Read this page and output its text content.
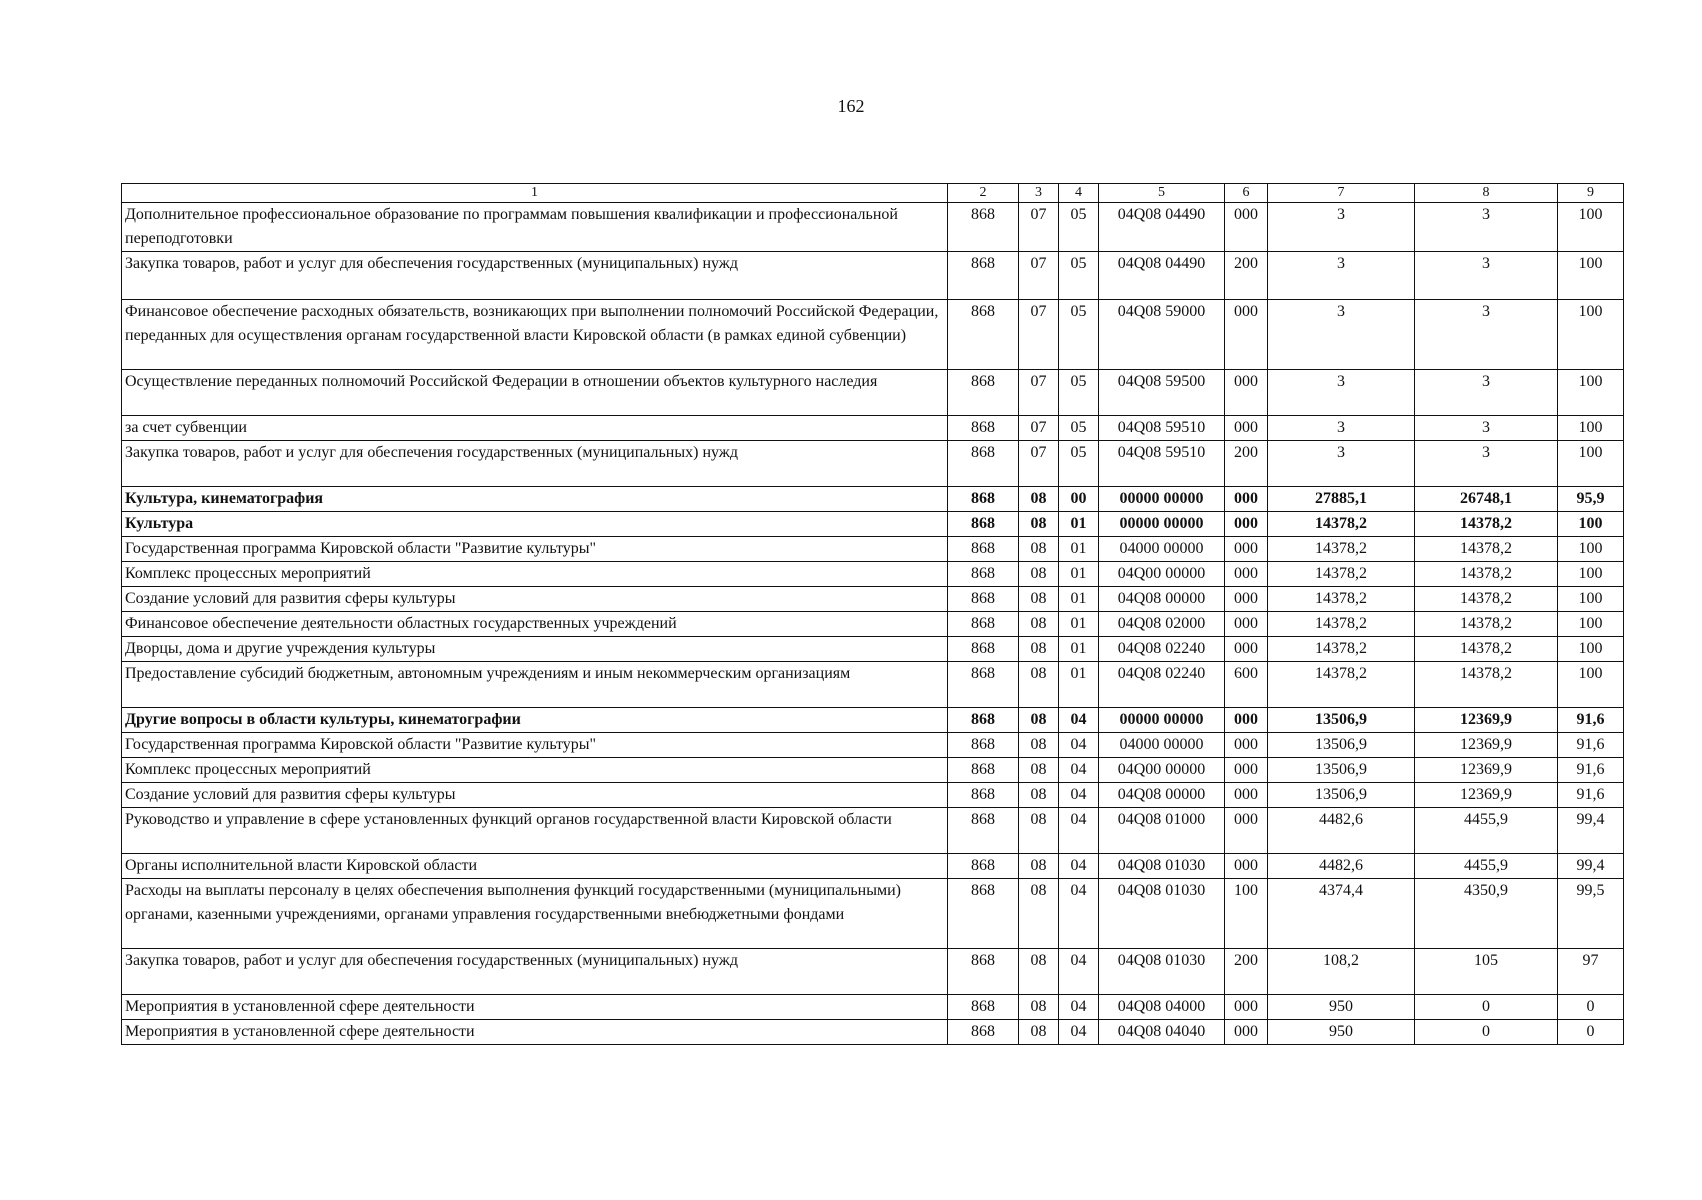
162
1	2	3	4	5	6	7	8	9
Дополнительное профессиональное образование по программам повышения квалификации и профессиональной переподготовки	868	07	05	04Q08 04490	000	3	3	100
Закупка товаров, работ и услуг для обеспечения государственных (муниципальных) нужд	868	07	05	04Q08 04490	200	3	3	100
Финансовое обеспечение расходных обязательств, возникающих при выполнении полномочий Российской Федерации, переданных для осуществления органам государственной власти Кировской области (в рамках единой субвенции)	868	07	05	04Q08 59000	000	3	3	100
Осуществление переданных полномочий Российской Федерации в отношении объектов культурного наследия	868	07	05	04Q08 59500	000	3	3	100
за счет субвенции	868	07	05	04Q08 59510	000	3	3	100
Закупка товаров, работ и услуг для обеспечения государственных (муниципальных) нужд	868	07	05	04Q08 59510	200	3	3	100
Культура, кинематография	868	08	00	00000 00000	000	27885,1	26748,1	95,9
Культура	868	08	01	00000 00000	000	14378,2	14378,2	100
Государственная программа Кировской области "Развитие культуры"	868	08	01	04000 00000	000	14378,2	14378,2	100
Комплекс процессных мероприятий	868	08	01	04Q00 00000	000	14378,2	14378,2	100
Создание условий для развития сферы культуры	868	08	01	04Q08 00000	000	14378,2	14378,2	100
Финансовое обеспечение деятельности областных государственных учреждений	868	08	01	04Q08 02000	000	14378,2	14378,2	100
Дворцы, дома и другие учреждения культуры	868	08	01	04Q08 02240	000	14378,2	14378,2	100
Предоставление субсидий бюджетным, автономным учреждениям и иным некоммерческим организациям	868	08	01	04Q08 02240	600	14378,2	14378,2	100
Другие вопросы в области культуры, кинематографии	868	08	04	00000 00000	000	13506,9	12369,9	91,6
Государственная программа Кировской области "Развитие культуры"	868	08	04	04000 00000	000	13506,9	12369,9	91,6
Комплекс процессных мероприятий	868	08	04	04Q00 00000	000	13506,9	12369,9	91,6
Создание условий для развития сферы культуры	868	08	04	04Q08 00000	000	13506,9	12369,9	91,6
Руководство и управление в сфере установленных функций органов государственной власти Кировской области	868	08	04	04Q08 01000	000	4482,6	4455,9	99,4
Органы исполнительной власти Кировской области	868	08	04	04Q08 01030	000	4482,6	4455,9	99,4
Расходы на выплаты персоналу в целях обеспечения выполнения функций государственными (муниципальными) органами, казенными учреждениями, органами управления государственными внебюджетными фондами	868	08	04	04Q08 01030	100	4374,4	4350,9	99,5
Закупка товаров, работ и услуг для обеспечения государственных (муниципальных) нужд	868	08	04	04Q08 01030	200	108,2	105	97
Мероприятия в установленной сфере деятельности	868	08	04	04Q08 04000	000	950	0	0
Мероприятия в установленной сфере деятельности	868	08	04	04Q08 04040	000	950	0	0
